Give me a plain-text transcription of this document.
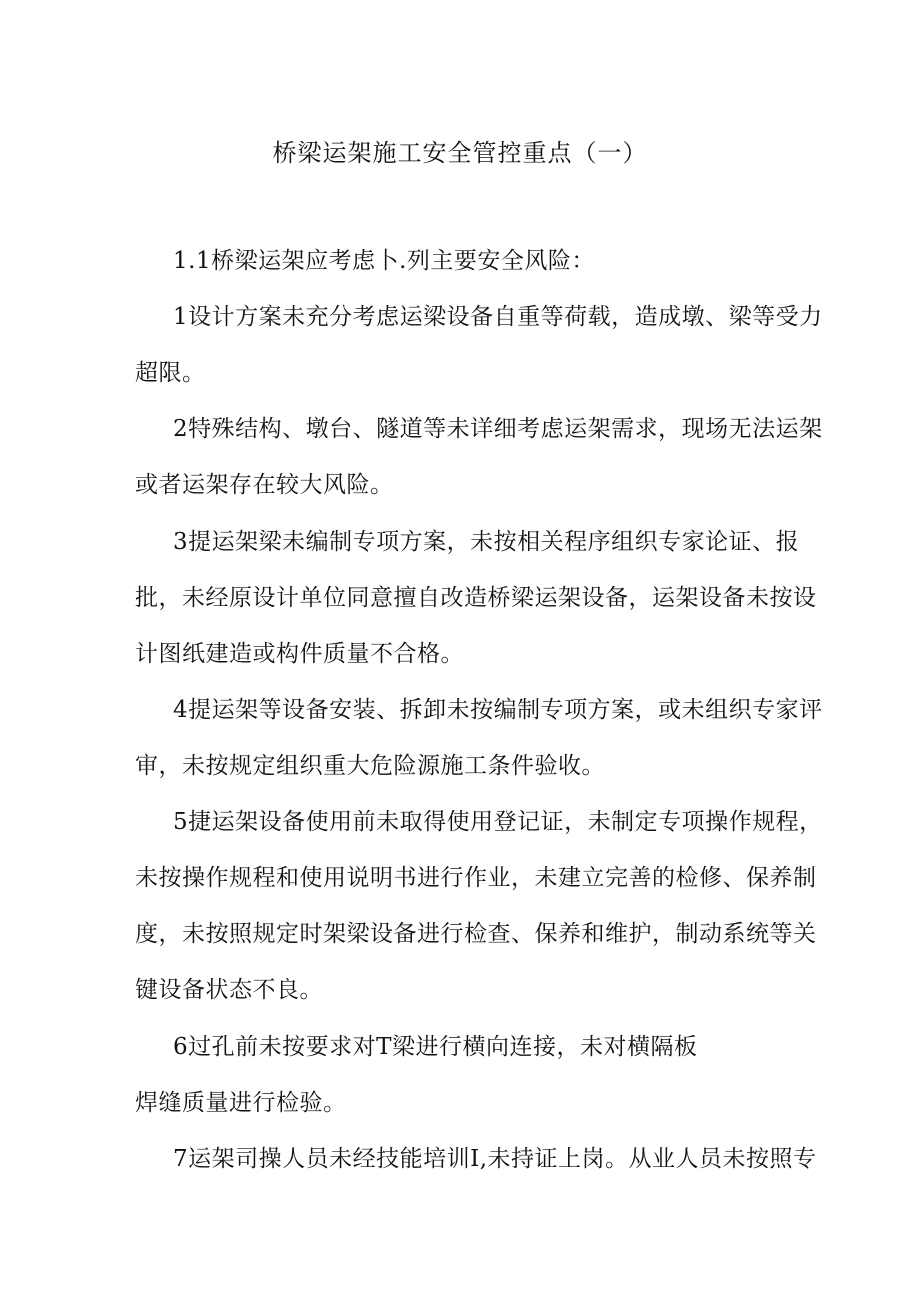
桥梁运架施工安全管控重点（一）
1.1桥梁运架应考虑卜.列主要安全风险：
1设计方案未充分考虑运梁设备自重等荷载，造成墩、梁等受力
超限。
2特殊结构、墩台、隧道等未详细考虑运架需求，现场无法运架
或者运架存在较大风险。
3提运架梁未编制专项方案，未按相关程序组织专家论证、报
批，未经原设计单位同意擅自改造桥梁运架设备，运架设备未按设
计图纸建造或构件质量不合格。
4提运架等设备安装、拆卸未按编制专项方案，或未组织专家评
审，未按规定组织重大危险源施工条件验收。
5捷运架设备使用前未取得使用登记证，未制定专项操作规程，
未按操作规程和使用说明书进行作业，未建立完善的检修、保养制
度，未按照规定时架梁设备进行检查、保养和维护，制动系统等关
键设备状态不良。
6过孔前未按要求对T梁进行横向连接，未对横隔板
焊缝质量进行检验。
7运架司操人员未经技能培训I,未持证上岗。从业人员未按照专
